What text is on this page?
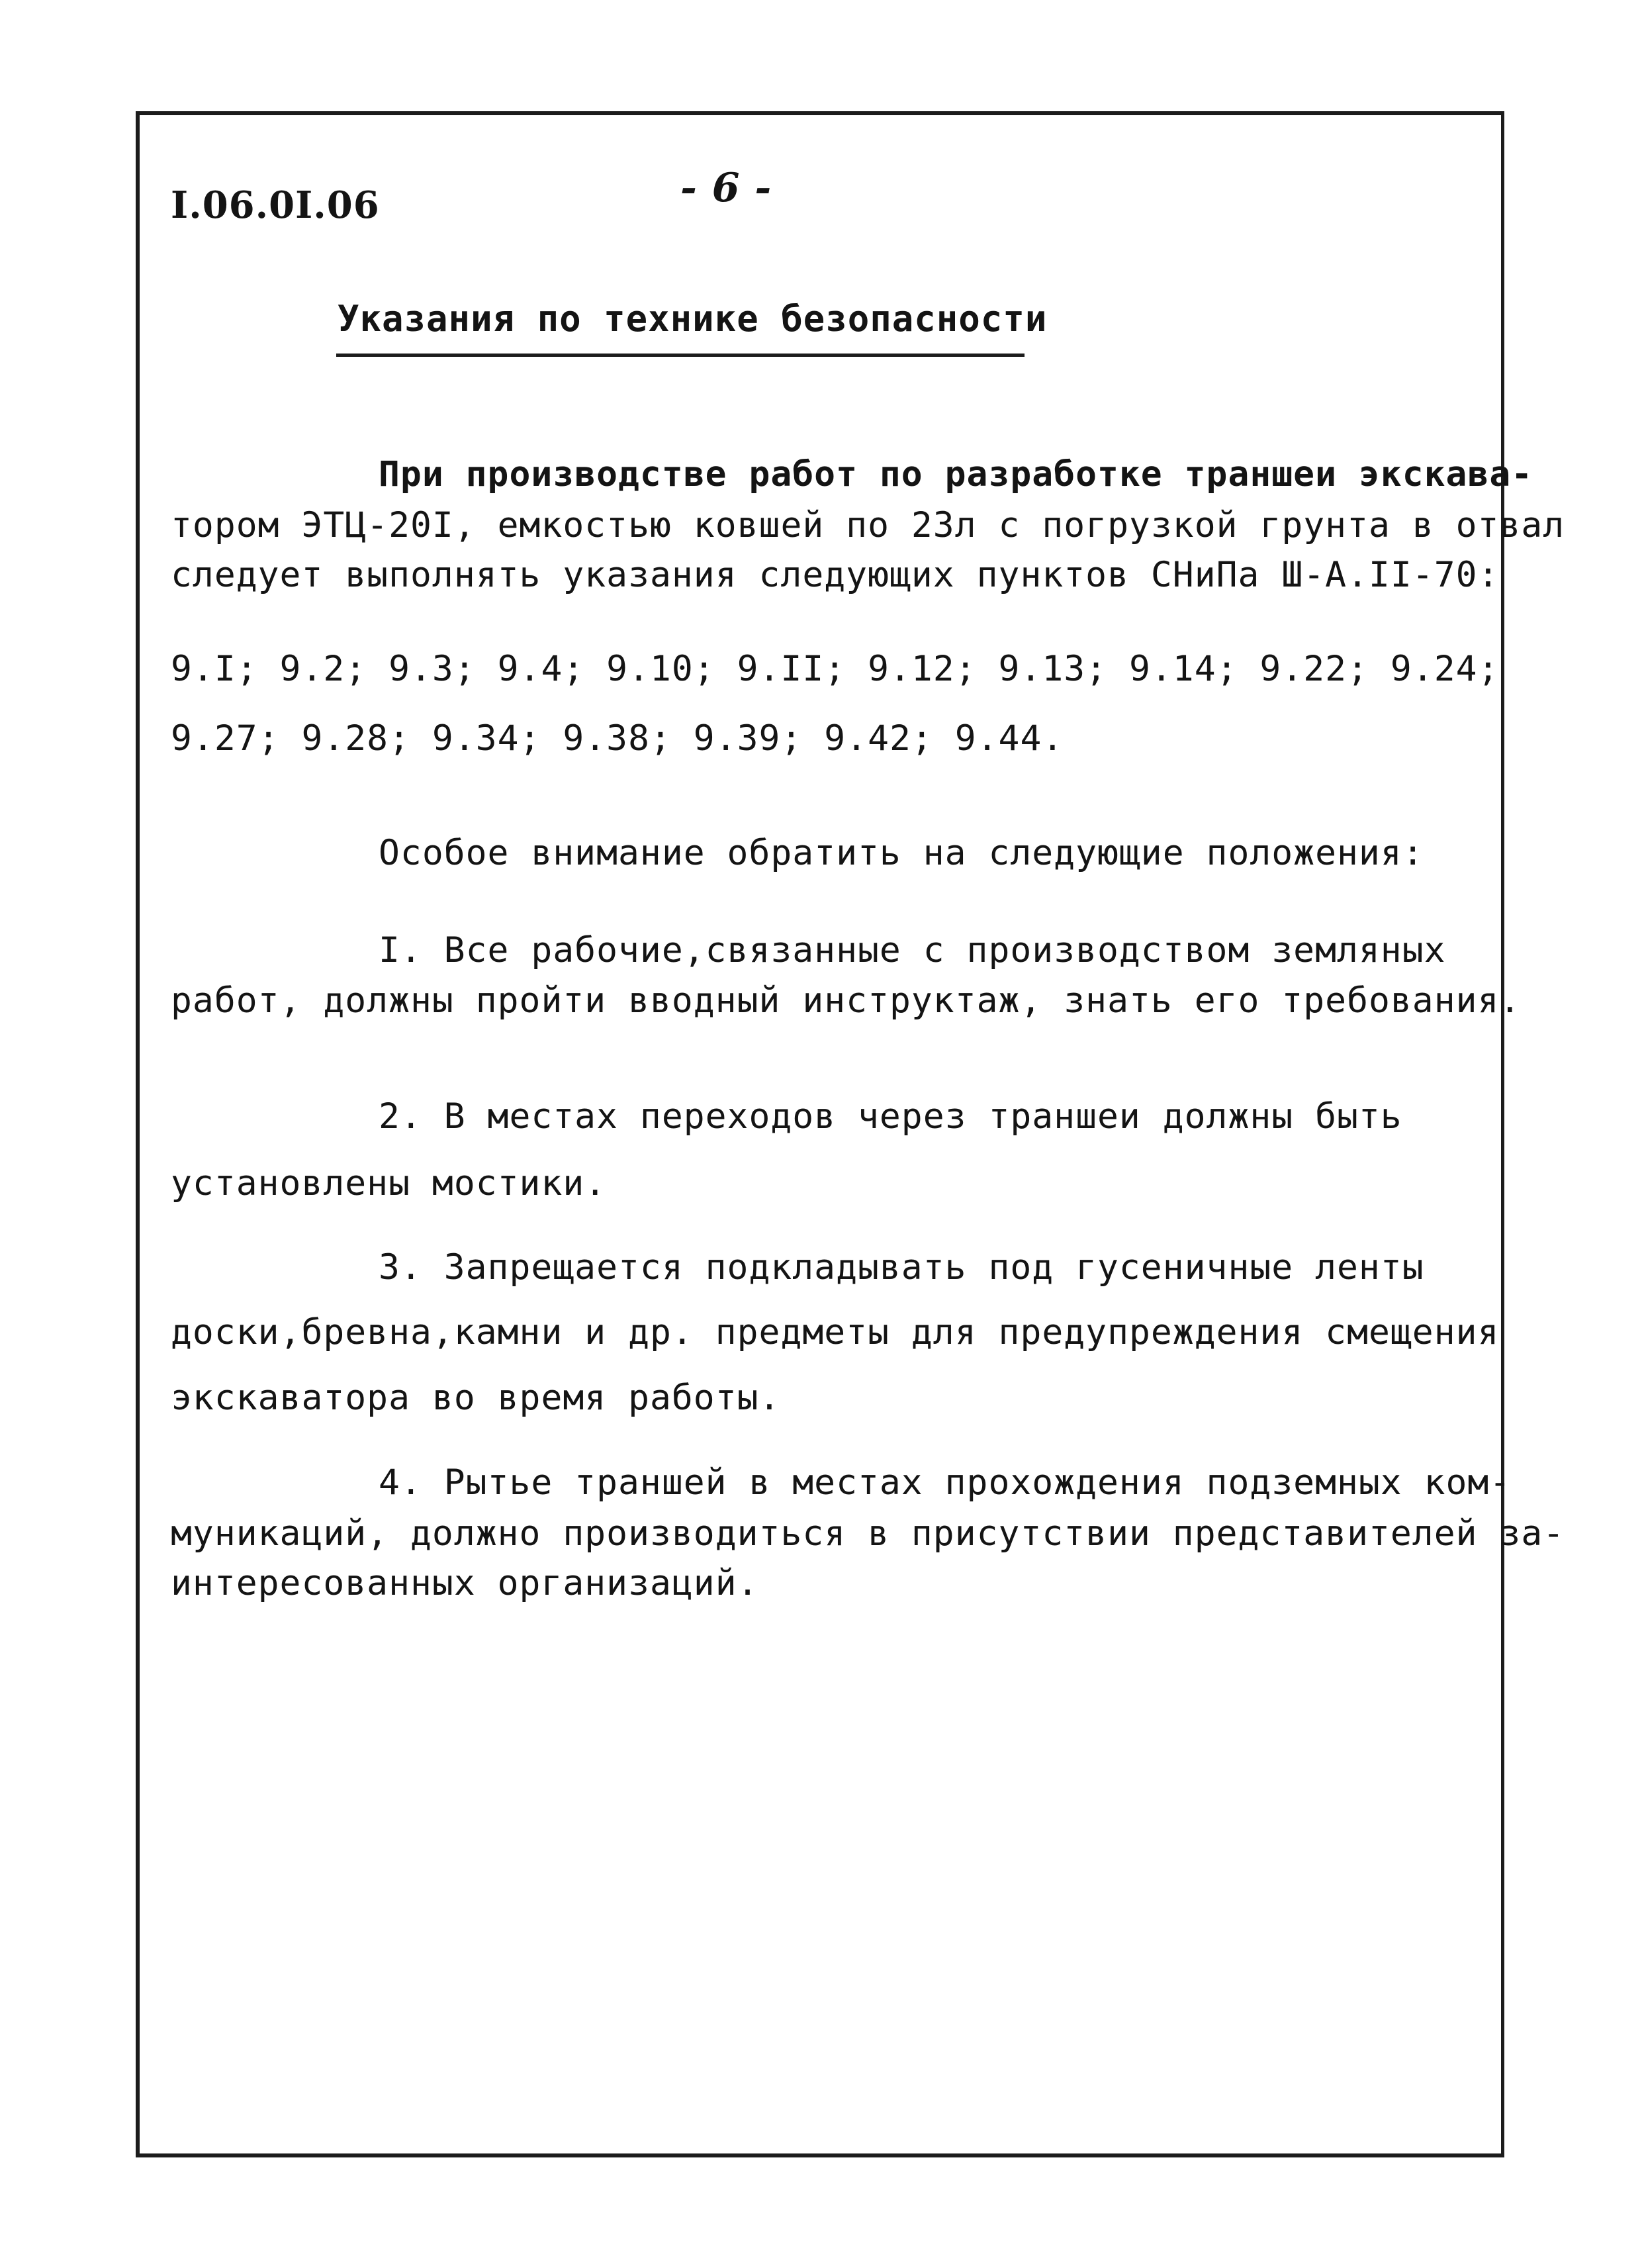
I.06.0I.06	- 6 -
Указания по технике безопасности
При производстве работ по разработке траншеи экскава-
тором ЭТЦ-20I, емкостью ковшей по 23л с погрузкой грунта в отвал
следует выполнять указания следующих пунктов СНиПа Ш-А.II-70:
9.I; 9.2; 9.3; 9.4; 9.10; 9.II; 9.12; 9.13; 9.14; 9.22; 9.24;
9.27; 9.28; 9.34; 9.38; 9.39; 9.42; 9.44.
Особое внимание обратить на следующие положения:
I. Все рабочие,связанные с производством земляных
работ, должны пройти вводный инструктаж, знать его требования.
2. В местах переходов через траншеи должны быть
установлены мостики.
3. Запрещается подкладывать под гусеничные ленты
доски,бревна,камни и др. предметы для предупреждения смещения
экскаватора во время работы.
4. Рытье траншей в местах прохождения подземных ком-
муникаций, должно производиться в присутствии представителей за-
интересованных организаций.
